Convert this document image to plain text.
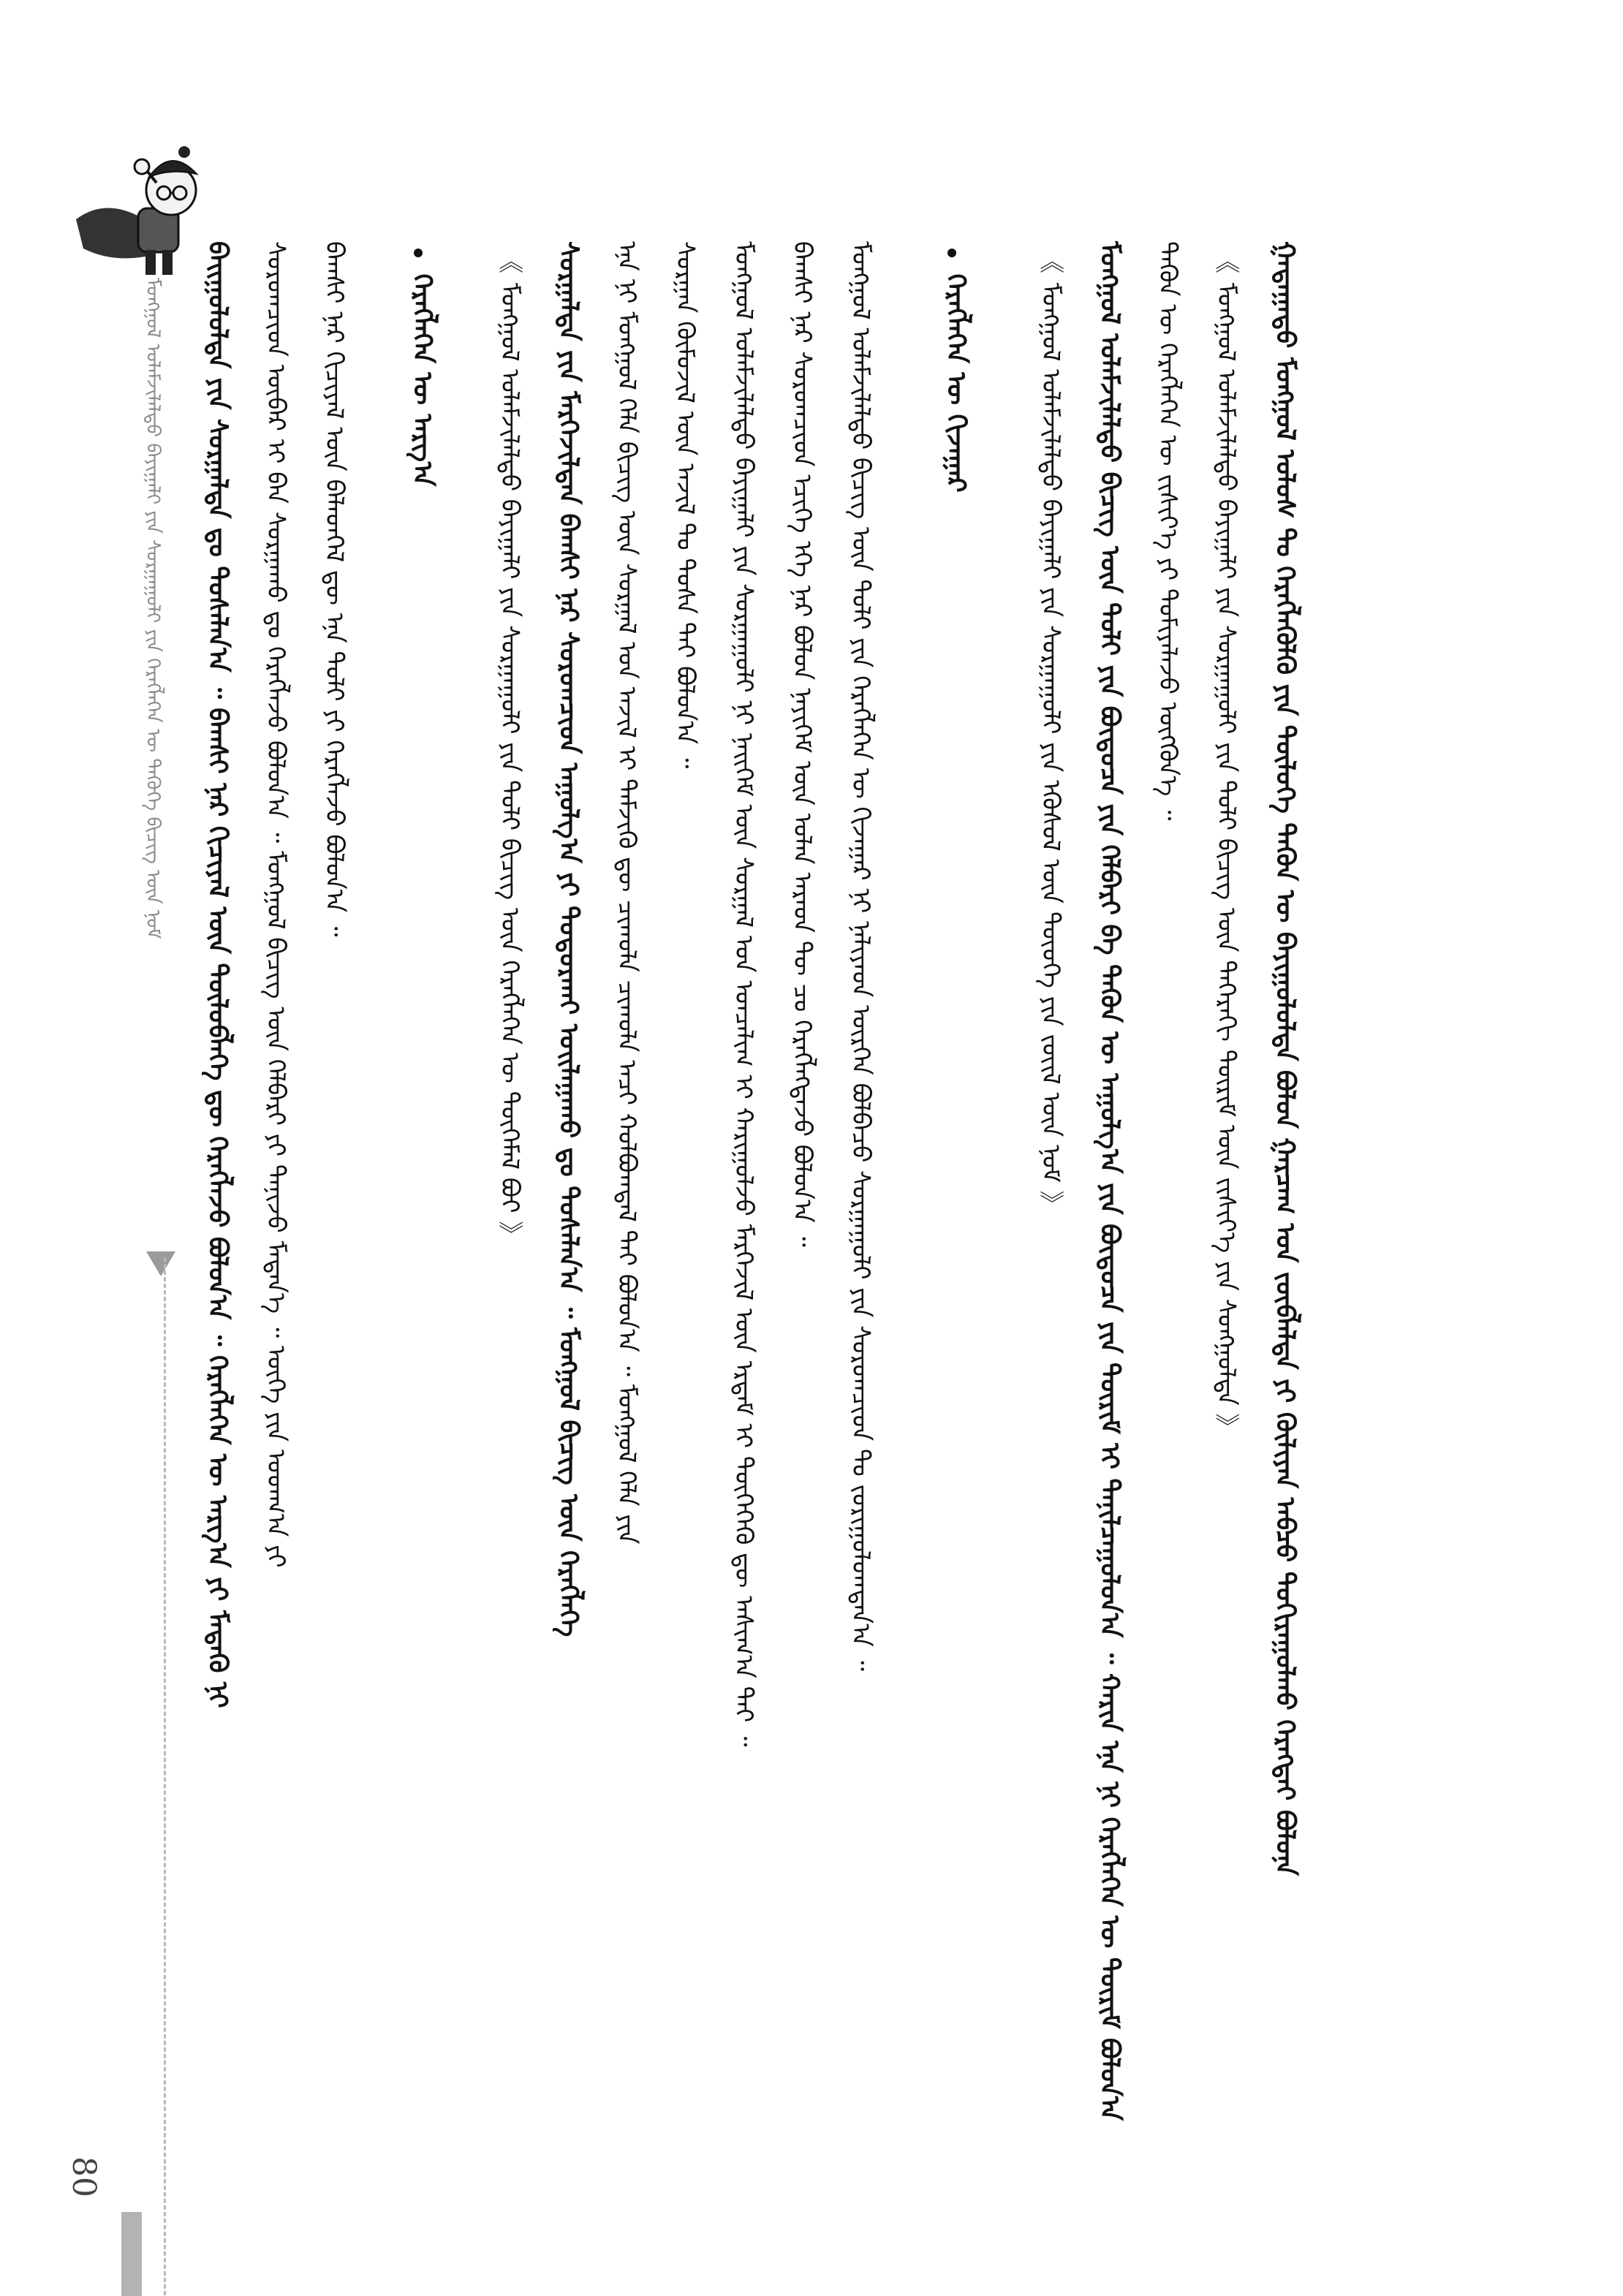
ᠮᠣᠩᠭᠣᠯ ᠤᠯᠠᠮᠵᠢᠯᠠᠯᠲᠤ ᠪᠠᠶᠢᠭᠠᠯᠢ ᠶᠢᠨ ᠰᠤᠷᠭᠠᠭᠤᠯᠢ ᠶᠢᠨ ᠬᠡᠷᠡᠭᠯᠡᠭᠡᠨ ᠦ ᠲᠡᠭᠦᠬᠡ ᠪᠢᠴᠢᠭ ᠦᠨ ᠨᠣᠮ ᠪᠠᠢᠭᠤᠯᠤᠯᠲᠠ ᠶᠢᠨ ᠰᠤᠷᠭᠠᠯᠲᠠ ᠳᠤ ᠲᠤᠰᠠᠯᠠᠨ᠎ᠠ ᠃ ᠪᠠᠭᠰᠢ ᠨᠠᠷ ᠬᠢᠴᠢᠶᠡᠯ ᠦᠨ ᠲᠥᠯᠥᠪᠯᠡᠭᠡ ᠳᠦ ᠬᠡᠷᠡᠭᠯᠡᠵᠦ ᠪᠣᠯᠤᠨ᠎ᠠ ᠃ ᠬᠡᠷᠡᠭᠯᠡᠭᠡᠨ ᠦ ᠠᠷᠭ᠎ᠠ ᠶᠢ ᠮᠡᠳᠡᠬᠦ ᠨᠢ ᠰᠤᠷᠤᠭᠴᠢᠳ ᠥᠪᠡᠷ ᠢ ᠪᠡᠨ ᠰᠤᠷᠭᠠᠬᠤ ᠳᠤ ᠬᠡᠷᠡᠭᠯᠡᠵᠦ ᠪᠣᠯᠤᠨ᠎ᠠ ᠃ ᠮᠣᠩᠭᠣᠯ ᠪᠢᠴᠢᠭ ᠦᠨ ᠬᠡᠯᠪᠡᠷᠢ ᠶᠢ ᠲᠠᠨᠢᠵᠤ ᠮᠡᠳᠡᠨ᠎ᠡ ᠃ ᠦᠭᠡ ᠶᠢᠨ ᠤᠳᠬ᠎ᠠ ᠶᠢ ᠪᠠᠭᠰᠢ ᠨᠠᠷ ᠬᠢᠴᠢᠶᠡᠯ ᠦᠨ ᠪᠡᠯᠡᠳᠬᠡᠯ ᠳᠦ ᠡᠨᠡ ᠲᠣᠯᠢ ᠶᠢ ᠬᠡᠷᠡᠭᠯᠡᠵᠦ ᠪᠣᠯᠤᠨ᠎ᠠ ᠃ ᠬᠡᠷᠡᠭᠯᠡᠭᠡᠨ ᠦ ᠠᠷᠭ᠎ᠠ 《 ᠮᠣᠩᠭᠣᠯ ᠤᠯᠠᠮᠵᠢᠯᠠᠯᠲᠤ ᠪᠠᠶᠢᠭᠠᠯᠢ ᠶᠢᠨ ᠰᠤᠷᠭᠠᠭᠤᠯᠢ ᠶᠢᠨ ᠲᠣᠯᠢ ᠪᠢᠴᠢᠭ ᠦᠨ ᠬᠡᠷᠡᠭᠯᠡᠭᠡᠨ ᠦ ᠲᠦᠭᠡᠮᠡᠯ ᠪᠤᠢ 》 ᠰᠤᠷᠭᠠᠯᠲᠠ ᠶᠢᠨ ᠮᠡᠷᠭᠡᠵᠢᠯᠲᠡᠨ ᠪᠠᠭᠰᠢ ᠨᠠᠷ ᠰᠤᠷᠤᠭᠴᠢᠳ ᠠᠭᠤᠯᠭ᠎ᠠ ᠶᠢ ᠲᠣᠳᠤᠷᠬᠠᠢ ᠣᠢᠯᠠᠭᠠᠬᠤ ᠳᠤ ᠲᠤᠰᠠᠯᠠᠨ᠎ᠠ ᠃ ᠮᠣᠩᠭᠣᠯ ᠪᠢᠴᠢᠭ ᠦᠨ ᠬᠡᠷᠡᠭᠯᠡᠭᠡ ᠡᠨᠡ ᠨᠢ ᠮᠣᠩᠭᠣᠯ ᠬᠡᠯᠡ ᠪᠢᠴᠢᠭ ᠦᠨ ᠰᠤᠷᠭᠠᠯ ᠤᠨ ᠠᠵᠢᠯ ᠢ ᠳᠡᠮᠵᠢᠬᠦ ᠳᠦ ᠴᠢᠬᠤᠯᠠ ᠴᠢᠬᠤᠯᠠ ᠠᠴᠢ ᠬᠣᠯᠪᠣᠭᠳᠠᠯ ᠲᠠᠢ ᠪᠣᠯᠤᠨ᠎ᠠ ᠃ ᠮᠣᠩᠭᠣᠯ ᠬᠡᠯᠡ ᠶᠢᠨ ᠰᠤᠷᠭᠠᠨ ᠬᠦᠮᠦᠵᠢᠯ ᠦᠨ ᠠᠵᠢᠯ ᠲᠤ ᠲᠤᠰᠠ ᠲᠠᠢ ᠪᠣᠯᠤᠨ᠎ᠠ ᠃ ᠮᠣᠩᠭᠣᠯ ᠤᠯᠠᠮᠵᠢᠯᠠᠯᠲᠤ ᠪᠠᠶᠢᠭᠠᠯᠢ ᠶᠢᠨ ᠰᠤᠷᠭᠠᠭᠤᠯᠢ ᠨᠢ ᠨᠡᠢᠭᠡᠮ ᠦᠨ ᠰᠤᠷᠭᠠᠯ ᠤᠨ ᠣᠨᠴᠠᠯᠢᠭ ᠢ ᠬᠠᠷᠢᠭᠤᠯᠵᠤ ᠮᠡᠷᠭᠡᠵᠢᠯ ᠦᠨ ᠡᠷᠳᠡᠮ ᠢ ᠲᠦᠭᠡᠭᠡᠬᠦ ᠳᠦ ᠠᠰᠢᠭ᠎ᠠ ᠲᠠᠢ ᠃ ᠪᠠᠭᠰᠢ ᠨᠠᠷ ᠰᠤᠷᠤᠭᠴᠢᠳ ᠡᠴᠢᠭᠡ ᠡᠬᠡ ᠨᠠᠷ ᠪᠣᠯᠤᠨ ᠨᠡᠶᠢᠭᠡᠮ ᠦᠨ ᠣᠯᠠᠨ ᠠᠷᠠᠳ ᠲᠦ ᠴᠤ ᠬᠡᠷᠡᠭᠯᠡᠭᠳᠡᠵᠦ ᠪᠣᠯᠤᠨ᠎ᠠ ᠃ ᠮᠣᠩᠭᠣᠯ ᠤᠯᠠᠮᠵᠢᠯᠠᠯᠲᠤ ᠪᠢᠴᠢᠭ ᠦᠨ ᠲᠣᠯᠢ ᠶᠢᠨ ᠬᠡᠷᠡᠭᠯᠡᠭᠡᠨ ᠦ ᠬᠢᠵᠠᠭᠠᠷ ᠨᠢ ᠨᠡᠯᠢᠶᠡᠳ ᠥᠷᠭᠡᠨ ᠪᠣᠯᠪᠠᠴᠤ ᠰᠤᠷᠭᠠᠭᠤᠯᠢ ᠶᠢᠨ ᠰᠤᠷᠤᠭᠴᠢᠳ ᠲᠤ ᠵᠣᠷᠢᠭᠤᠯᠤᠭᠳᠠᠨ᠎ᠠ ᠃	ᠬᠡᠷᠡᠭᠯᠡᠭᠡᠨ ᠦ ᠬᠢᠵᠠᠭᠠᠷ	《 ᠮᠣᠩᠭᠣᠯ ᠤᠯᠠᠮᠵᠢᠯᠠᠯᠲᠤ ᠪᠠᠶᠢᠭᠠᠯᠢ ᠶᠢᠨ ᠰᠤᠷᠭᠠᠭᠤᠯᠢ ᠶᠢᠨ ᠡᠭᠦᠰᠦᠯ ᠦᠨ ᠲᠦᠦᠬᠡ ᠶᠢᠨ ᠵᠦᠢᠯ ᠦᠨ ᠨᠣᠮ 》 ᠮᠣᠩᠭᠣᠯ ᠤᠯᠠᠮᠵᠢᠯᠠᠯᠲᠤ ᠪᠢᠴᠢᠭ ᠦᠨ ᠲᠣᠯᠢ ᠶᠢᠨ ᠪᠦᠲᠦᠴᠡ ᠶᠢᠨ ᠬᠡᠯᠪᠡᠷᠢ ᠪᠠ ᠲᠡᠭᠦᠨ ᠦ ᠠᠭᠤᠯᠭ᠎ᠠ ᠶᠢᠨ ᠪᠦᠲᠦᠴᠡ ᠶᠢᠨ ᠳᠦᠷᠢᠮ ᠢ ᠲᠠᠨᠢᠯᠴᠠᠭᠤᠯᠤᠨ᠎ᠠ ᠃ ᠬᠠᠷᠢᠨ ᠡᠨᠡ ᠨᠢ ᠬᠡᠷᠡᠭᠯᠡᠭᠡᠨ ᠦ ᠳᠦᠷᠢᠮ ᠪᠣᠯᠤᠨ᠎ᠠ ᠲᠡᠭᠦᠨ ᠦ ᠬᠡᠷᠡᠭᠯᠡᠭᠡᠨ ᠦ ᠵᠢᠱᠢᠶ᠎ᠡ ᠶᠢ ᠲᠣᠮᠢᠶᠠᠯᠠᠵᠤ ᠦᠭᠭᠦᠨ᠎ᠡ ᠃ 《 ᠮᠣᠩᠭᠣᠯ ᠤᠯᠠᠮᠵᠢᠯᠠᠯᠲᠤ ᠪᠠᠶᠢᠭᠠᠯᠢ ᠶᠢᠨ ᠰᠤᠷᠭᠠᠭᠤᠯᠢ ᠶᠢᠨ ᠲᠣᠯᠢ ᠪᠢᠴᠢᠭ ᠦᠨ ᠳᠡᠭᠡᠷᠡᠬᠢ ᠳᠦᠷᠢᠮ ᠦᠨ ᠵᠢᠱᠢᠶ᠎ᠡ ᠶᠢᠨ ᠰᠣᠩᠭᠣᠯᠲᠠ 》 ᠭᠠᠳᠠᠭᠠᠳᠤ ᠮᠣᠩᠭᠣᠯ ᠤᠯᠤᠰ ᠲᠤ ᠬᠡᠷᠡᠭᠯᠡᠭᠦᠯᠬᠦ ᠶᠢᠨ ᠲᠥᠯᠥᠭᠡ ᠲᠡᠭᠦᠨ ᠦ ᠪᠠᠶᠢᠭᠤᠯᠤᠯᠲᠠ ᠪᠣᠯᠤᠨ ᠭᠠᠷᠴᠠᠭ ᠤᠨ ᠵᠥᠪᠯᠡᠯᠲᠡ ᠶᠢ ᠬᠦᠯᠢᠶᠡᠨ ᠠᠪᠴᠤ ᠲᠣᠬᠢᠷᠠᠭᠤᠯᠬᠤ ᠬᠡᠷᠡᠭᠲᠡᠢ ᠪᠣᠯᠤᠨᠠ
80
